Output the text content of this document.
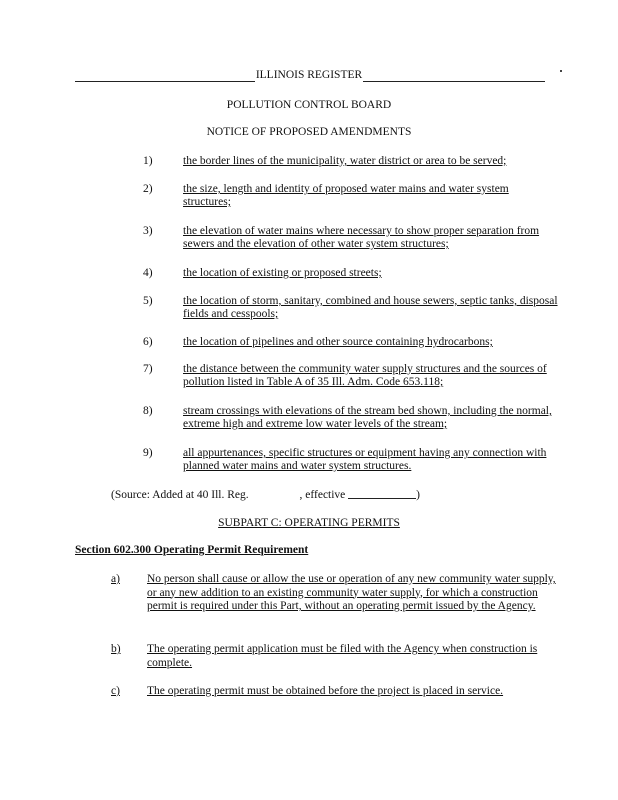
ILLINOIS REGISTER
POLLUTION CONTROL BOARD
NOTICE OF PROPOSED AMENDMENTS
1)	the border lines of the municipality, water district or area to be served;
2)	the size, length and identity of proposed water mains and water system structures;
3)	the elevation of water mains where necessary to show proper separation from sewers and the elevation of other water system structures;
4)	the location of existing or proposed streets;
5)	the location of storm, sanitary, combined and house sewers, septic tanks, disposal fields and cesspools;
6)	the location of pipelines and other source containing hydrocarbons;
7)	the distance between the community water supply structures and the sources of pollution listed in Table A of 35 Ill. Adm. Code 653.118;
8)	stream crossings with elevations of the stream bed shown, including the normal, extreme high and extreme low water levels of the stream;
9)	all appurtenances, specific structures or equipment having any connection with planned water mains and water system structures.
(Source: Added at 40 Ill. Reg.	, effective	)
SUBPART C: OPERATING PERMITS
Section 602.300 Operating Permit Requirement
a) No person shall cause or allow the use or operation of any new community water supply, or any new addition to an existing community water supply, for which a construction permit is required under this Part, without an operating permit issued by the Agency.
b) The operating permit application must be filed with the Agency when construction is complete.
c) The operating permit must be obtained before the project is placed in service.
